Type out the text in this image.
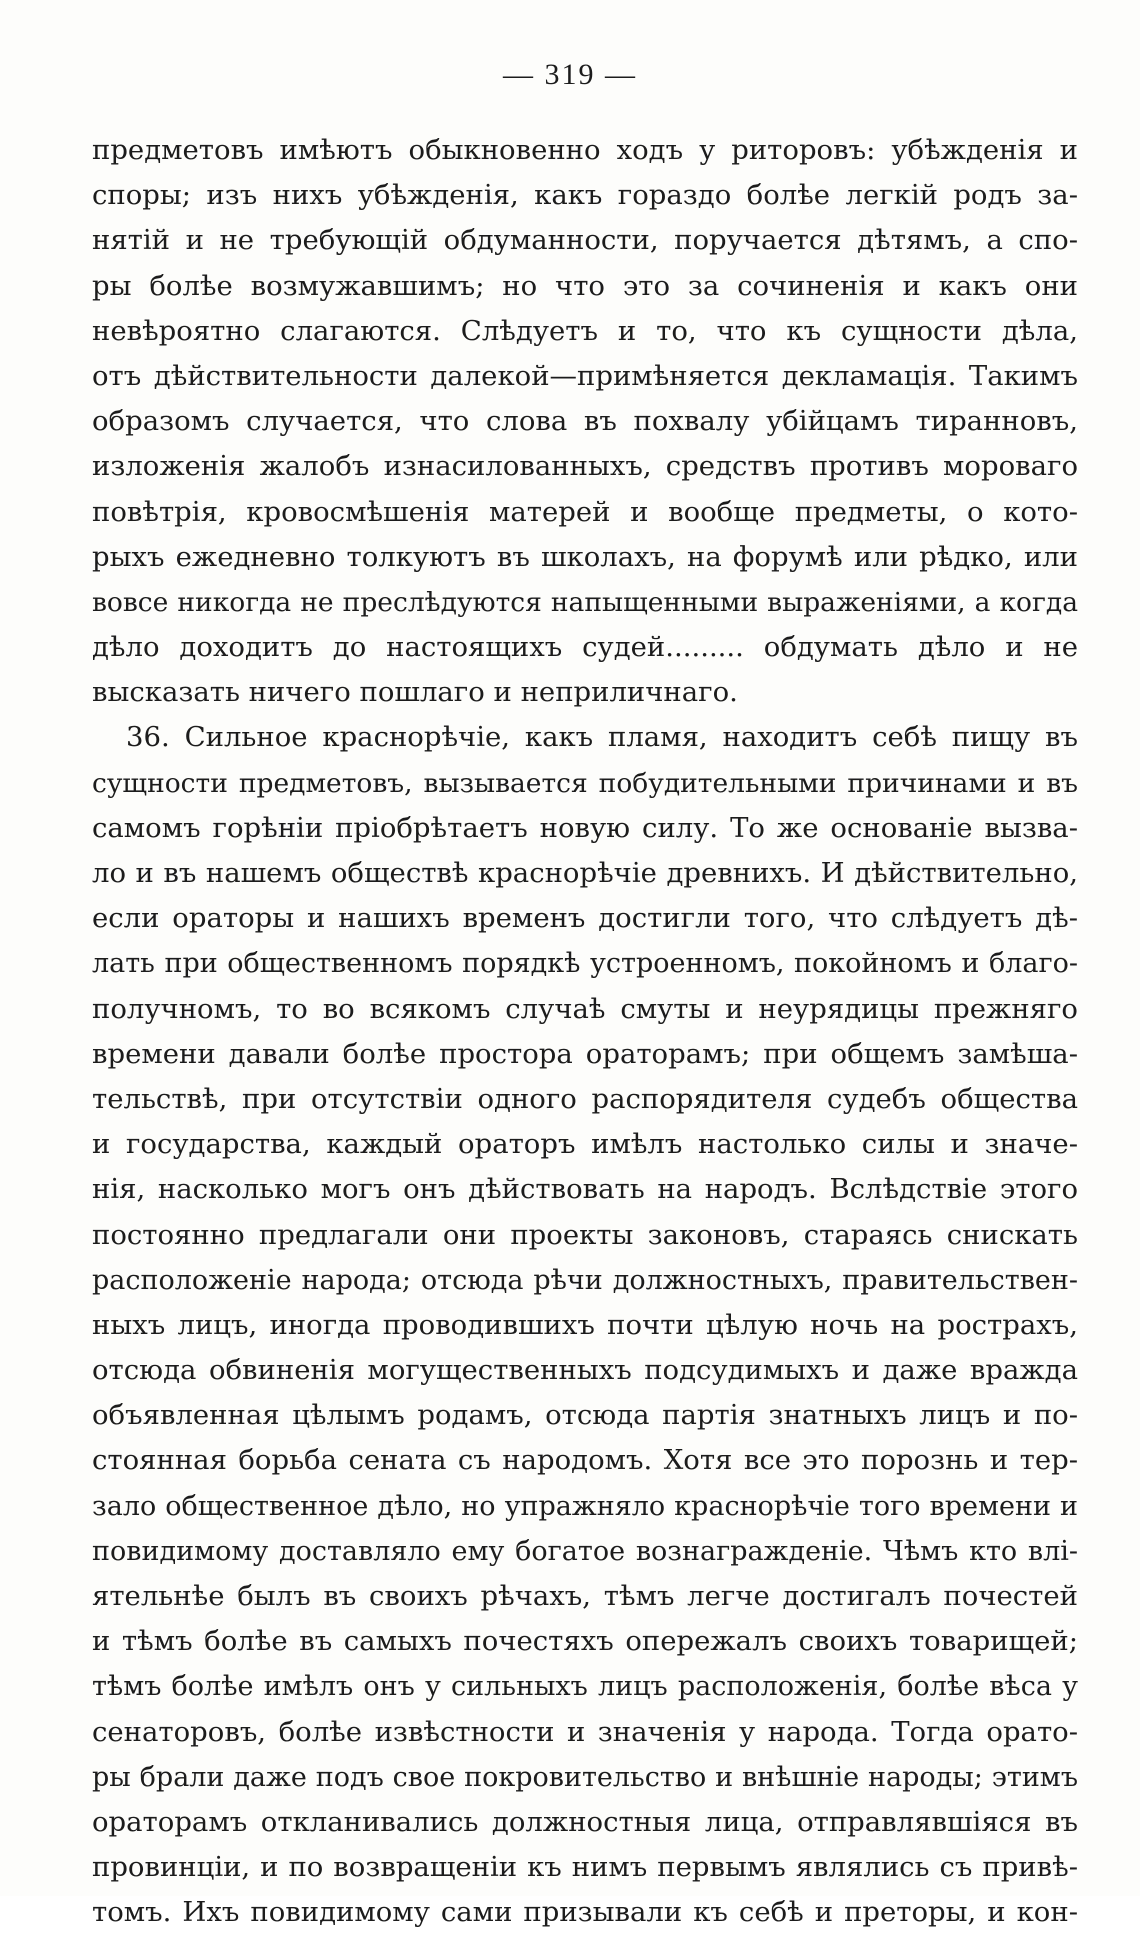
— 319 —
предметовъ имѣютъ обыкновенно ходъ у риторовъ: убѣжденія и
споры; изъ нихъ убѣжденія, какъ гораздо болѣе легкій родъ за-
нятій и не требующій обдуманности, поручается дѣтямъ, а спо-
ры болѣе возмужавшимъ; но что это за сочиненія и какъ они
невѣроятно слагаются. Слѣдуетъ и то, что къ сущности дѣла,
отъ дѣйствительности далекой—примѣняется декламація. Такимъ
образомъ случается, что слова въ похвалу убійцамъ тиранновъ,
изложенія жалобъ изнасилованныхъ, средствъ противъ мороваго
повѣтрія, кровосмѣшенія матерей и вообще предметы, о кото-
рыхъ ежедневно толкуютъ въ школахъ, на форумѣ или рѣдко, или
вовсе никогда не преслѣдуются напыщенными выраженіями, а когда
дѣло доходитъ до настоящихъ судей......... обдумать дѣло и не
высказать ничего пошлаго и неприличнаго.
36. Сильное краснорѣчіе, какъ пламя, находитъ себѣ пищу въ
сущности предметовъ, вызывается побудительными причинами и въ
самомъ горѣніи пріобрѣтаетъ новую силу. То же основаніе вызва-
ло и въ нашемъ обществѣ краснорѣчіе древнихъ. И дѣйствительно,
если ораторы и нашихъ временъ достигли того, что слѣдуетъ дѣ-
лать при общественномъ порядкѣ устроенномъ, покойномъ и благо-
получномъ, то во всякомъ случаѣ смуты и неурядицы прежняго
времени давали болѣе простора ораторамъ; при общемъ замѣша-
тельствѣ, при отсутствіи одного распорядителя судебъ общества
и государства, каждый ораторъ имѣлъ настолько силы и значе-
нія, насколько могъ онъ дѣйствовать на народъ. Вслѣдствіе этого
постоянно предлагали они проекты законовъ, стараясь снискать
расположеніе народа; отсюда рѣчи должностныхъ, правительствен-
ныхъ лицъ, иногда проводившихъ почти цѣлую ночь на рострахъ,
отсюда обвиненія могущественныхъ подсудимыхъ и даже вражда
объявленная цѣлымъ родамъ, отсюда партія знатныхъ лицъ и по-
стоянная борьба сената съ народомъ. Хотя все это порознь и тер-
зало общественное дѣло, но упражняло краснорѣчіе того времени и
повидимому доставляло ему богатое вознагражденіе. Чѣмъ кто влі-
ятельнѣе былъ въ своихъ рѣчахъ, тѣмъ легче достигалъ почестей
и тѣмъ болѣе въ самыхъ почестяхъ опережалъ своихъ товарищей;
тѣмъ болѣе имѣлъ онъ у сильныхъ лицъ расположенія, болѣе вѣса у
сенаторовъ, болѣе извѣстности и значенія у народа. Тогда орато-
ры брали даже подъ свое покровительство и внѣшніе народы; этимъ
ораторамъ откланивались должностныя лица, отправлявшіяся въ
провинціи, и по возвращеніи къ нимъ первымъ являлись съ привѣ-
томъ. Ихъ повидимому сами призывали къ себѣ и преторы, и кон-
